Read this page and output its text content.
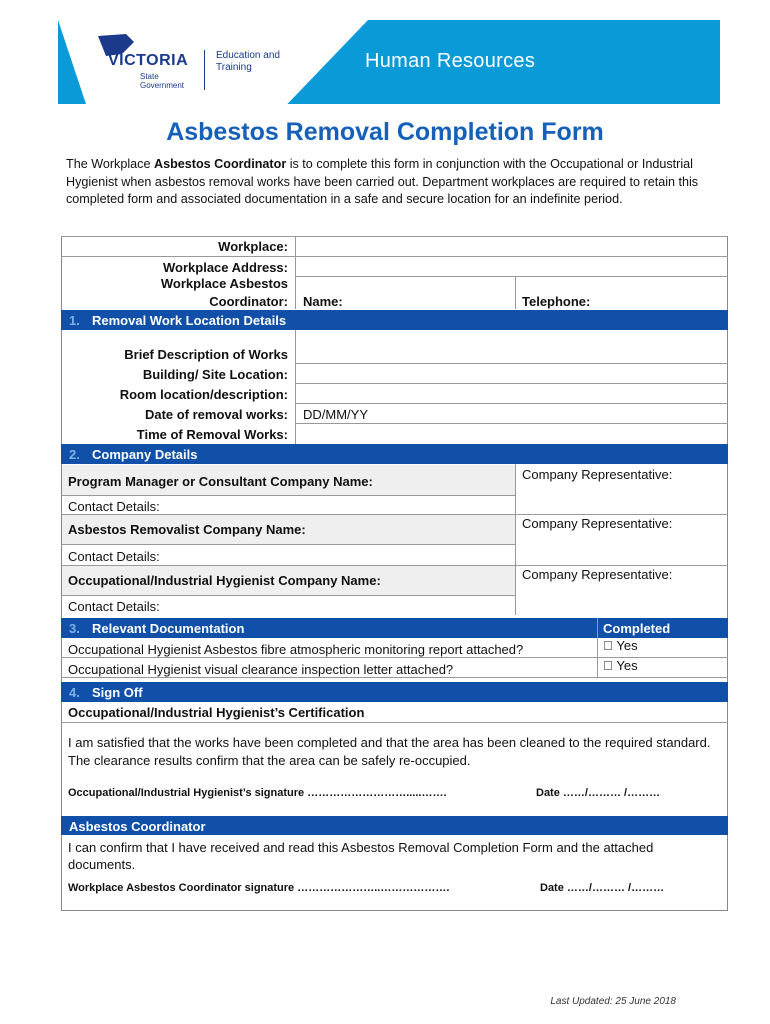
VICTORIA
State Government
Education and Training	Human Resources
Asbestos Removal Completion Form
The Workplace Asbestos Coordinator is to complete this form in conjunction with the Occupational or Industrial Hygienist when asbestos removal works have been carried out. Department workplaces are required to retain this completed form and associated documentation in a safe and secure location for an indefinite period.
Workplace:
Workplace Address:
Workplace Asbestos
Coordinator: Name:	Telephone:
1. Removal Work Location Details
Brief Description of Works
Building/ Site Location:
Room location/description:
Date of removal works: DD/MM/YY
Time of Removal Works:
2. Company Details
Program Manager or Consultant Company Name:	Company Representative:
Contact Details:
Asbestos Removalist Company Name:	Company Representative:
Contact Details:
Occupational/Industrial Hygienist Company Name:	Company Representative:
Contact Details:
3. Relevant Documentation	Completed
Occupational Hygienist Asbestos fibre atmospheric monitoring report attached?	Yes
Occupational Hygienist visual clearance inspection letter attached?	Yes
4. Sign Off
Occupational/Industrial Hygienist’s Certification
I am satisfied that the works have been completed and that the area has been cleaned to the required standard. The clearance results confirm that the area can be safely re-occupied.
Occupational/Industrial Hygienist’s signature ……………………….....…….	Date ……/……… /………
Asbestos Coordinator
I can confirm that I have received and read this Asbestos Removal Completion Form and the attached documents.
Workplace Asbestos Coordinator signature …………………..……………….	Date ……/……… /………
Last Updated: 25 June 2018
